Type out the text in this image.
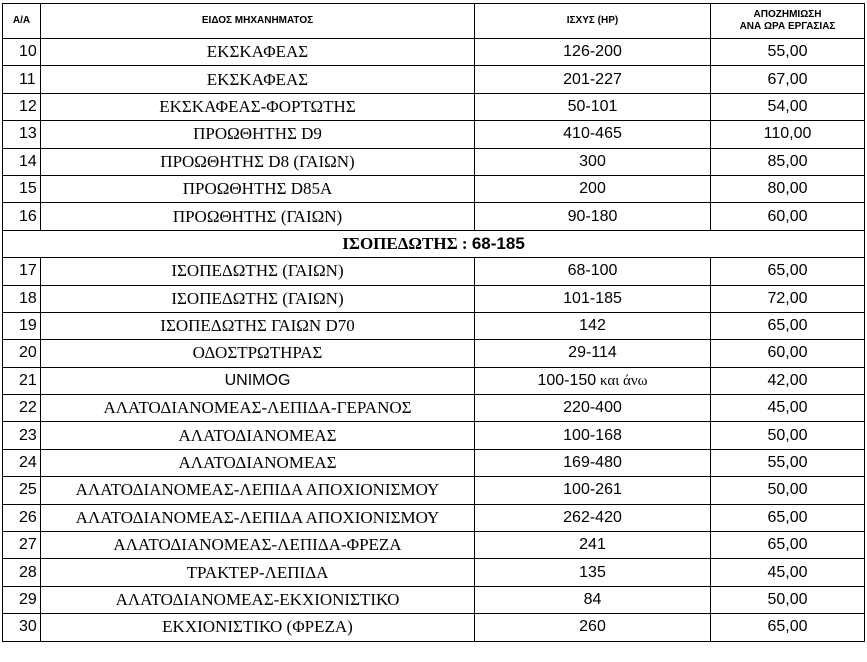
Α/Α	ΕΙΔΟΣ ΜΗΧΑΝΗΜΑΤΟΣ	ΙΣΧΥΣ (HP)	ΑΠΟΖΗΜΙΩΣΗ
ΑΝΑ ΩΡΑ ΕΡΓΑΣΙΑΣ
10	ΕΚΣΚΑΦΕΑΣ	126-200	55,00
11	ΕΚΣΚΑΦΕΑΣ	201-227	67,00
12	ΕΚΣΚΑΦΕΑΣ-ΦΟΡΤΩΤΗΣ	50-101	54,00
13	ΠΡΟΩΘΗΤΗΣ D9	410-465	110,00
14	ΠΡΟΩΘΗΤΗΣ D8 (ΓΑΙΩΝ)	300	85,00
15	ΠΡΟΩΘΗΤΗΣ D85A	200	80,00
16	ΠΡΟΩΘΗΤΗΣ (ΓΑΙΩΝ)	90-180	60,00
ΙΣΟΠΕΔΩΤΗΣ : 68-185			
17	ΙΣΟΠΕΔΩΤΗΣ (ΓΑΙΩΝ)	68-100	65,00
18	ΙΣΟΠΕΔΩΤΗΣ (ΓΑΙΩΝ)	101-185	72,00
19	ΙΣΟΠΕΔΩΤΗΣ ΓΑΙΩΝ D70	142	65,00
20	ΟΔΟΣΤΡΩΤΗΡΑΣ	29-114	60,00
21	UNIMOG	100-150 και άνω	42,00
22	ΑΛΑΤΟΔΙΑΝΟΜΕΑΣ-ΛΕΠΙΔΑ-ΓΕΡΑΝΟΣ	220-400	45,00
23	ΑΛΑΤΟΔΙΑΝΟΜΕΑΣ	100-168	50,00
24	ΑΛΑΤΟΔΙΑΝΟΜΕΑΣ	169-480	55,00
25	ΑΛΑΤΟΔΙΑΝΟΜΕΑΣ-ΛΕΠΙΔΑ ΑΠΟΧΙΟΝΙΣΜΟΥ	100-261	50,00
26	ΑΛΑΤΟΔΙΑΝΟΜΕΑΣ-ΛΕΠΙΔΑ ΑΠΟΧΙΟΝΙΣΜΟΥ	262-420	65,00
27	ΑΛΑΤΟΔΙΑΝΟΜΕΑΣ-ΛΕΠΙΔΑ-ΦΡΕΖΑ	241	65,00
28	ΤΡΑΚΤΕΡ-ΛΕΠΙΔΑ	135	45,00
29	ΑΛΑΤΟΔΙΑΝΟΜΕΑΣ-ΕΚΧΙΟΝΙΣΤΙΚΟ	84	50,00
30	ΕΚΧΙΟΝΙΣΤΙΚΟ (ΦΡΕΖΑ)	260	65,00
